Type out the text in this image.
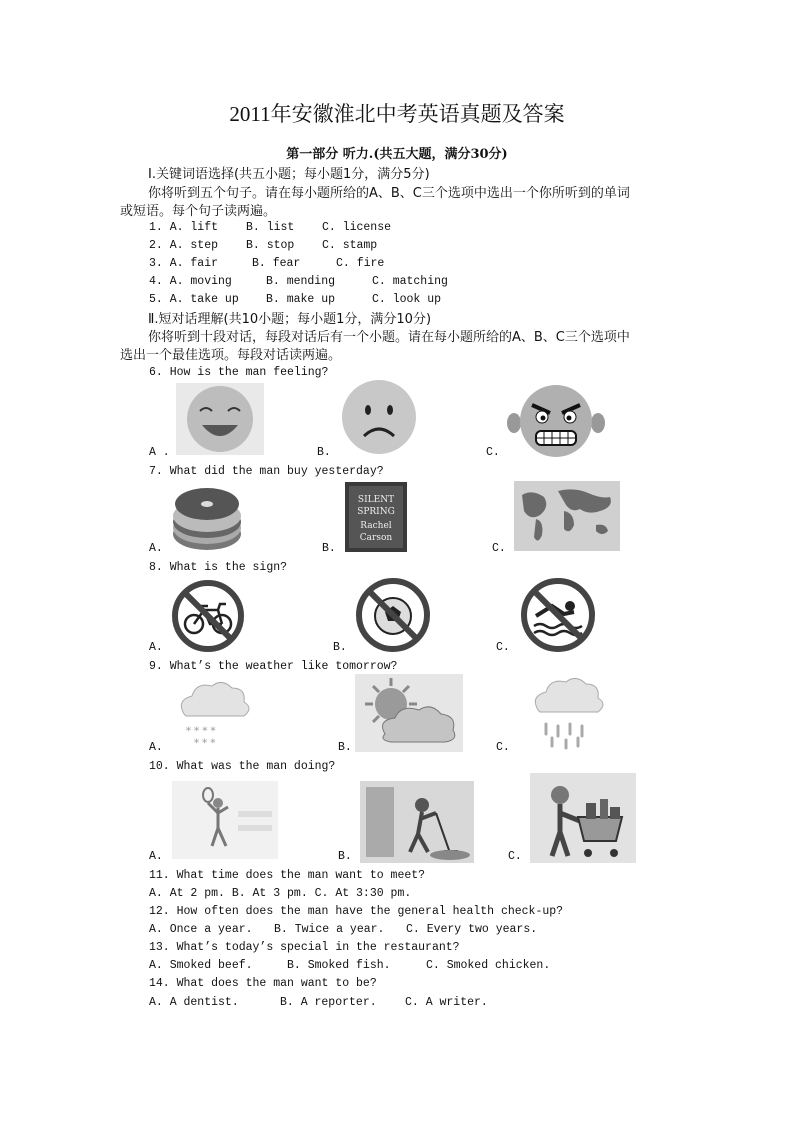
2011年安徽淮北中考英语真题及答案
第一部分 听力.(共五大题，满分30分)
Ⅰ.关键词语选择(共五小题；每小题1分，满分5分)
你将听到五个句子。请在每小题所给的A、B、C三个选项中选出一个你所听到的单词
或短语。每个句子读两遍。
1. A. lift B. list C. license
2. A. step B. stop C. stamp
3. A. fair	B. fear	C. fire
4. A. moving	B. mending	C. matching
5. A. take up B. make up	C. look up
Ⅱ.短对话理解(共10小题；每小题1分，满分10分)
你将听到十段对话，每段对话后有一个小题。请在每小题所给的A、B、C三个选项中
选出一个最佳选项。每段对话读两遍。
6. How is the man feeling?
A .	B.	C.
7. What did the man buy yesterday?
SILENT
SPRING
Rachel
Carson
A.	B.	C.
8. What is the sign?
A.	B.	C.
9. What’s the weather like tomorrow?
* * * *
* * *
A.	B.	C.
10. What was the man doing?
A.	B.	C.
11. What time does the man want to meet?
A. At 2 pm. B. At 3 pm. C. At 3:30 pm.
12. How often does the man have the general health check-up?
A. Once a year. B. Twice a year. C. Every two years.
13. What’s today’s special in the restaurant?
A. Smoked beef.	B. Smoked fish.	C. Smoked chicken.
14. What does the man want to be?
A. A dentist.	B. A reporter. C. A writer.
